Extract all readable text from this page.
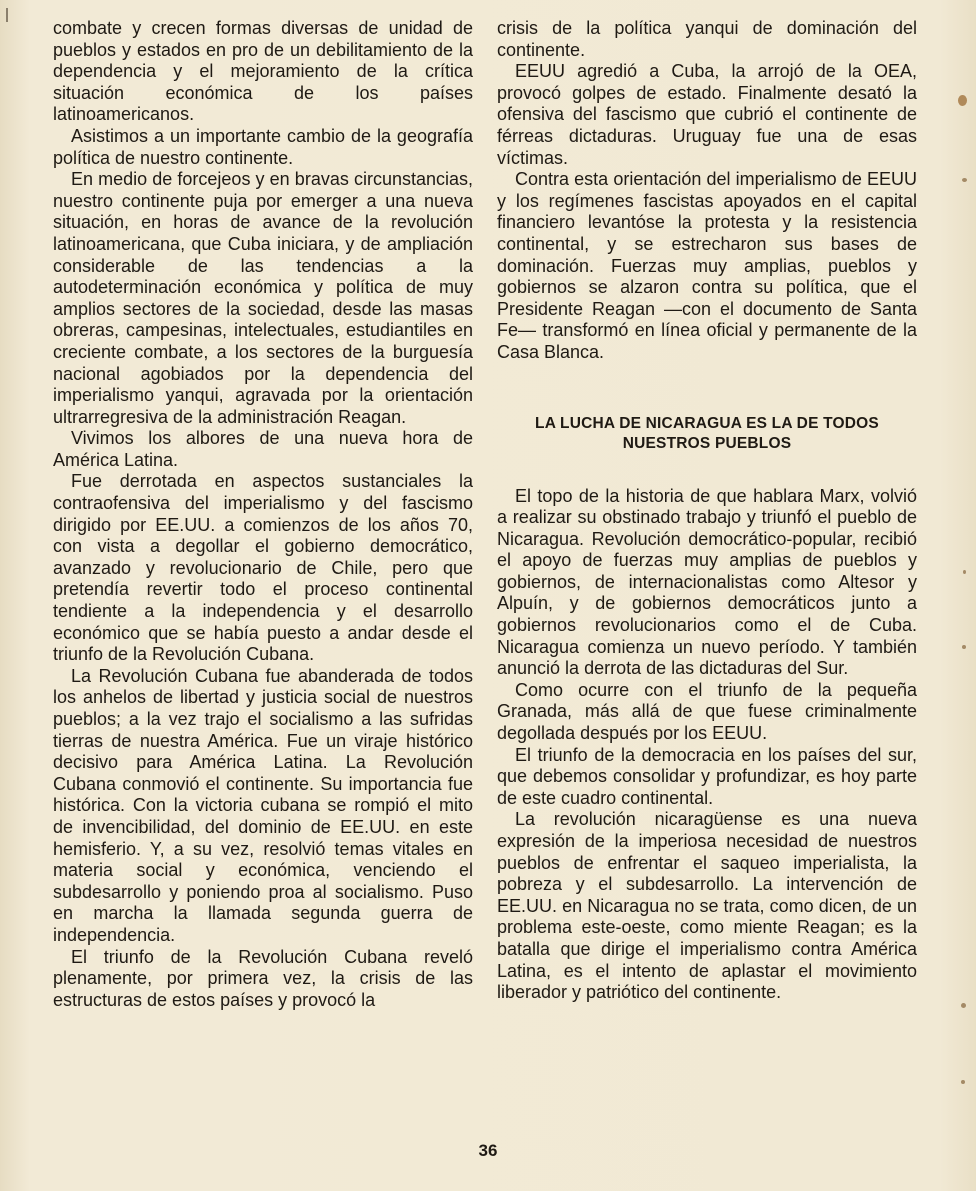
combate y crecen formas diversas de unidad de pueblos y estados en pro de un debilitamiento de la dependencia y el mejoramiento de la crítica situación económica de los países latinoamericanos.

Asistimos a un importante cambio de la geografía política de nuestro continente.

En medio de forcejeos y en bravas circunstancias, nuestro continente puja por emerger a una nueva situación, en horas de avance de la revolución latinoamericana, que Cuba iniciara, y de ampliación considerable de las tendencias a la autodeterminación económica y política de muy amplios sectores de la sociedad, desde las masas obreras, campesinas, intelectuales, estudiantiles en creciente combate, a los sectores de la burguesía nacional agobiados por la dependencia del imperialismo yanqui, agravada por la orientación ultrarregresiva de la administración Reagan.

Vivimos los albores de una nueva hora de América Latina.

Fue derrotada en aspectos sustanciales la contraofensiva del imperialismo y del fascismo dirigido por EE.UU. a comienzos de los años 70, con vista a degollar el gobierno democrático, avanzado y revolucionario de Chile, pero que pretendía revertir todo el proceso continental tendiente a la independencia y el desarrollo económico que se había puesto a andar desde el triunfo de la Revolución Cubana.

La Revolución Cubana fue abanderada de todos los anhelos de libertad y justicia social de nuestros pueblos; a la vez trajo el socialismo a las sufridas tierras de nuestra América. Fue un viraje histórico decisivo para América Latina. La Revolución Cubana conmovió el continente. Su importancia fue histórica. Con la victoria cubana se rompió el mito de invencibilidad, del dominio de EE.UU. en este hemisferio. Y, a su vez, resolvió temas vitales en materia social y económica, venciendo el subdesarrollo y poniendo proa al socialismo. Puso en marcha la llamada segunda guerra de independencia.

El triunfo de la Revolución Cubana reveló plenamente, por primera vez, la crisis de las estructuras de estos países y provocó la

crisis de la política yanqui de dominación del continente.

EEUU agredió a Cuba, la arrojó de la OEA, provocó golpes de estado. Finalmente desató la ofensiva del fascismo que cubrió el continente de férreas dictaduras. Uruguay fue una de esas víctimas.

Contra esta orientación del imperialismo de EEUU y los regímenes fascistas apoyados en el capital financiero levantóse la protesta y la resistencia continental, y se estrecharon sus bases de dominación. Fuerzas muy amplias, pueblos y gobiernos se alzaron contra su política, que el Presidente Reagan —con el documento de Santa Fe— transformó en línea oficial y permanente de la Casa Blanca.

LA LUCHA DE NICARAGUA ES LA DE TODOS
NUESTROS PUEBLOS

El topo de la historia de que hablara Marx, volvió a realizar su obstinado trabajo y triunfó el pueblo de Nicaragua. Revolución democrático-popular, recibió el apoyo de fuerzas muy amplias de pueblos y gobiernos, de internacionalistas como Altesor y Alpuín, y de gobiernos democráticos junto a gobiernos revolucionarios como el de Cuba. Nicaragua comienza un nuevo período. Y también anunció la derrota de las dictaduras del Sur.

Como ocurre con el triunfo de la pequeña Granada, más allá de que fuese criminalmente degollada después por los EEUU.

El triunfo de la democracia en los países del sur, que debemos consolidar y profundizar, es hoy parte de este cuadro continental.

La revolución nicaragüense es una nueva expresión de la imperiosa necesidad de nuestros pueblos de enfrentar el saqueo imperialista, la pobreza y el subdesarrollo. La intervención de EE.UU. en Nicaragua no se trata, como dicen, de un problema este-oeste, como miente Reagan; es la batalla que dirige el imperialismo contra América Latina, es el intento de aplastar el movimiento liberador y patriótico del continente.

36
